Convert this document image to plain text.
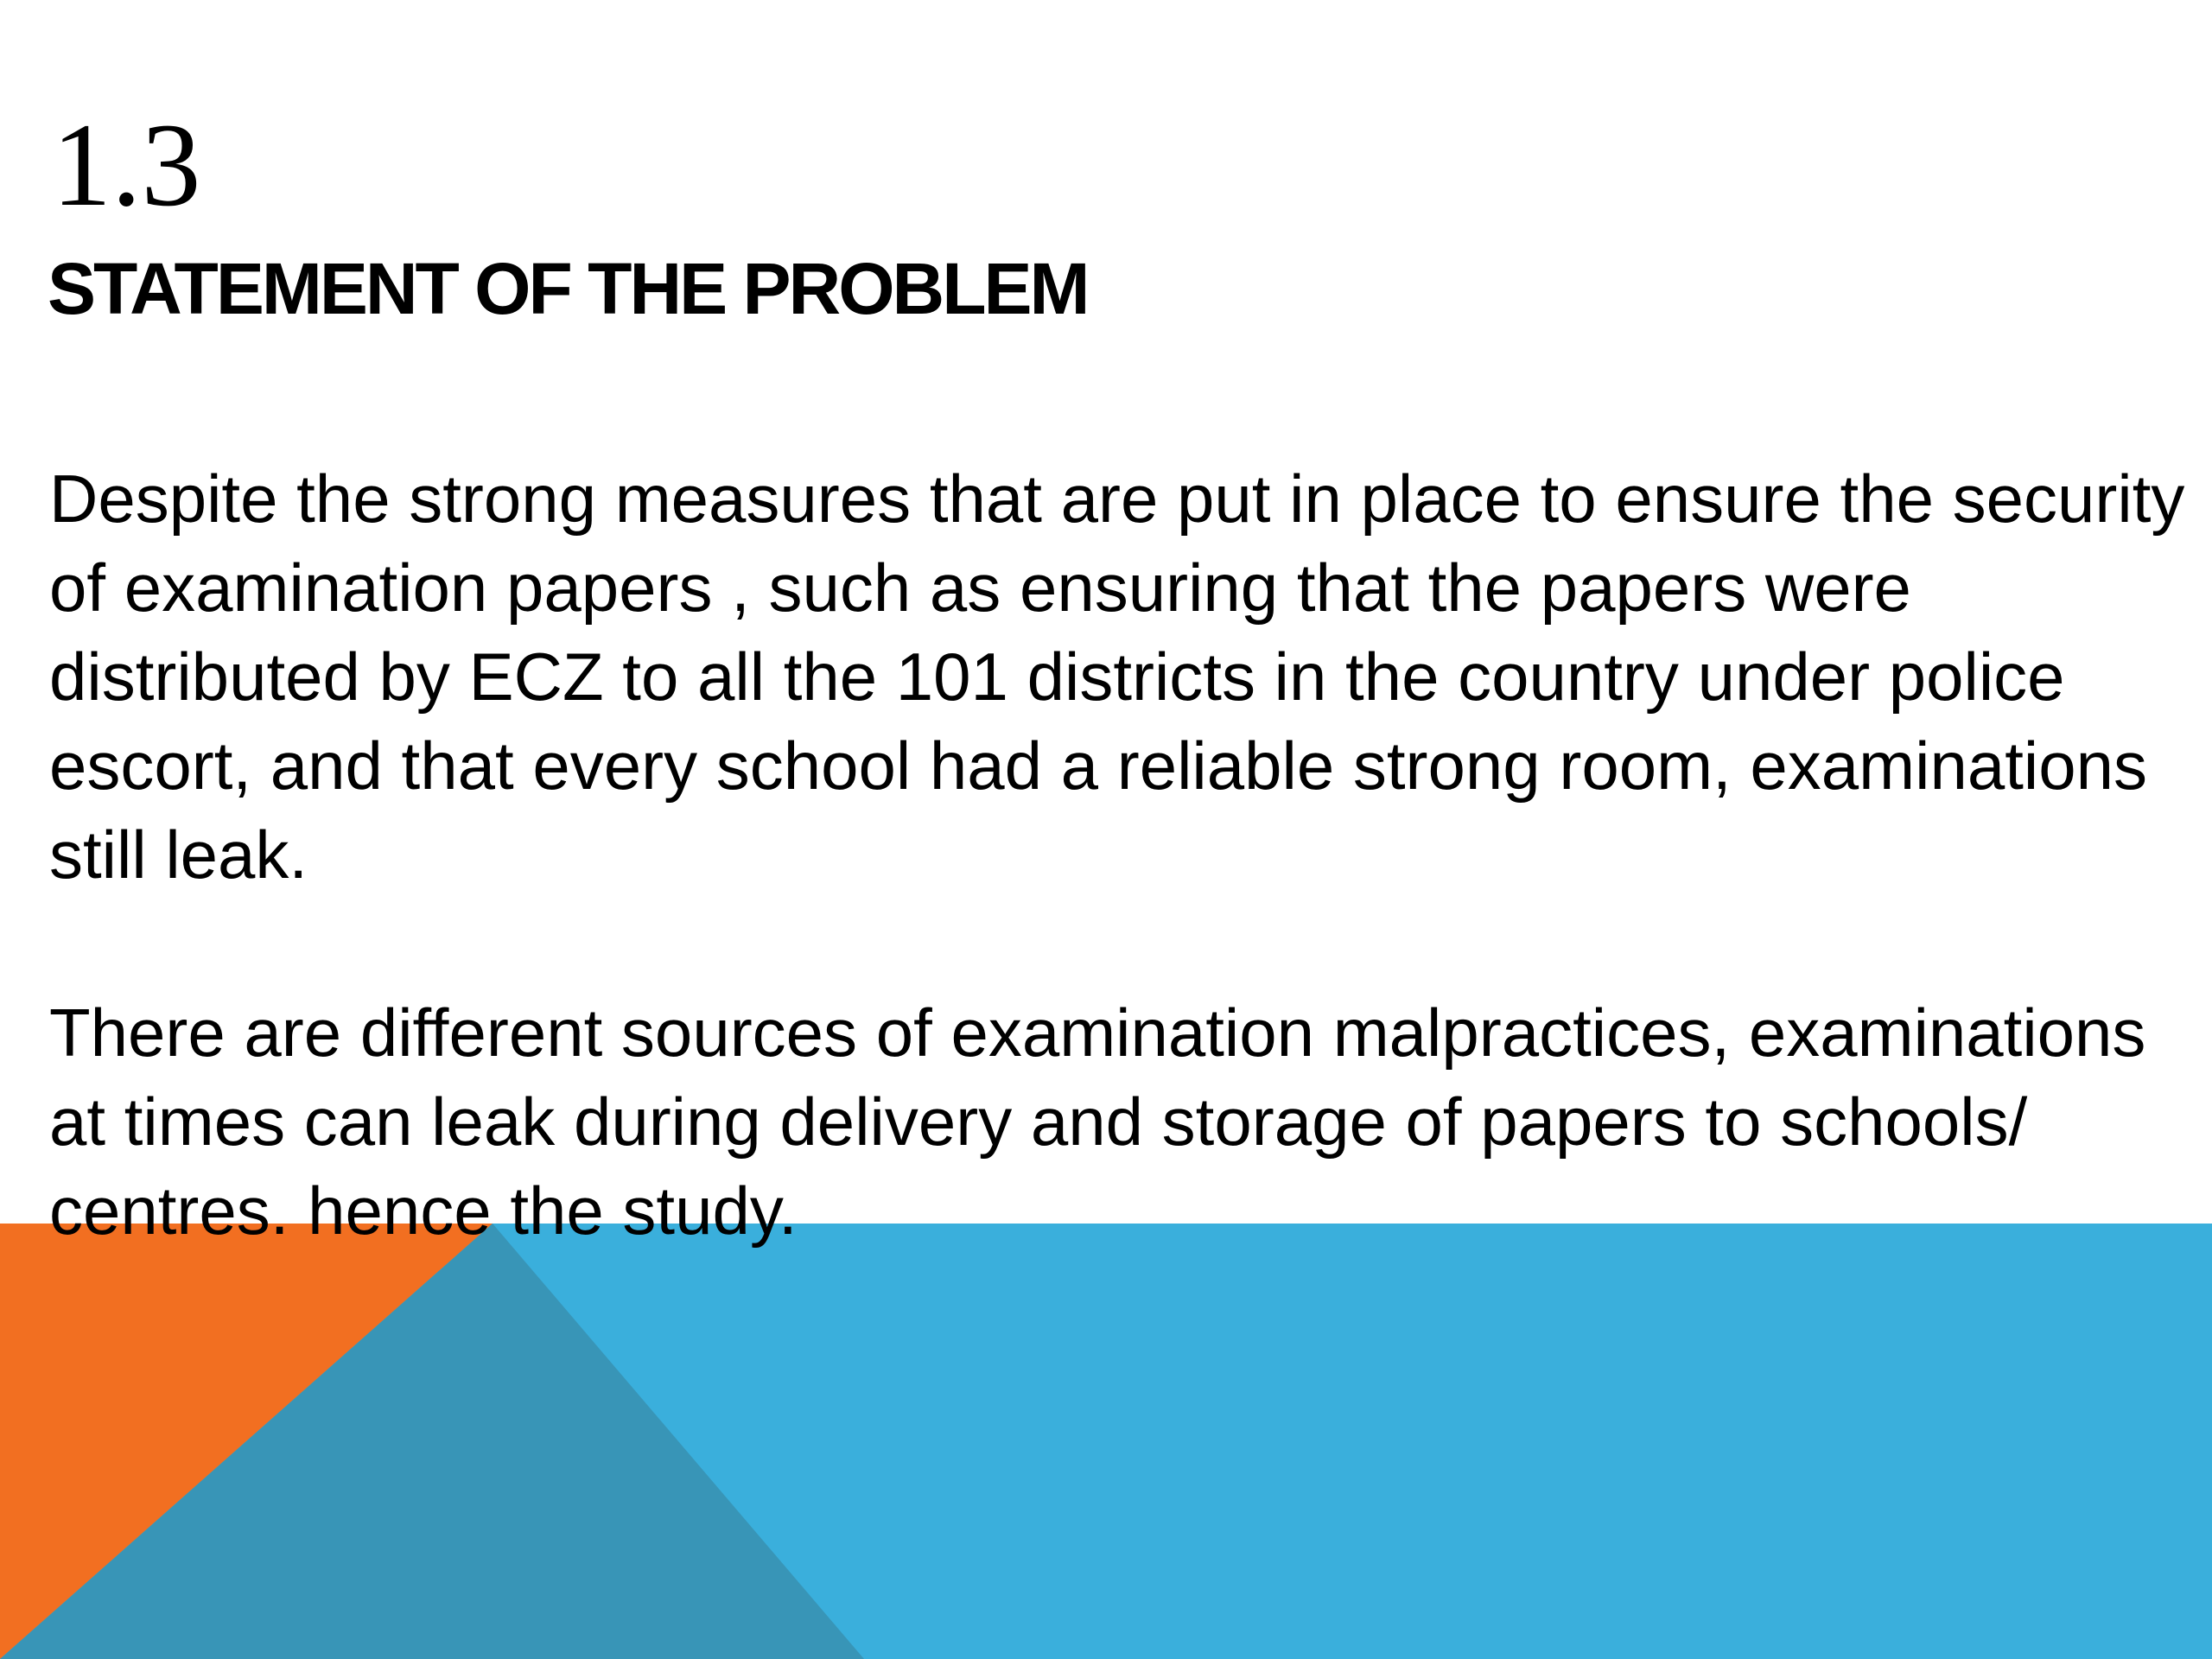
1.3
STATEMENT OF THE PROBLEM

Despite the strong measures that are put in place to ensure the security of examination papers , such as ensuring that the papers were distributed by ECZ to all the 101 districts in the country under police escort, and that every school had a reliable strong room, examinations still leak.

There are different sources of examination malpractices, examinations at times can leak during delivery and storage of papers to schools/ centres. hence the study.
